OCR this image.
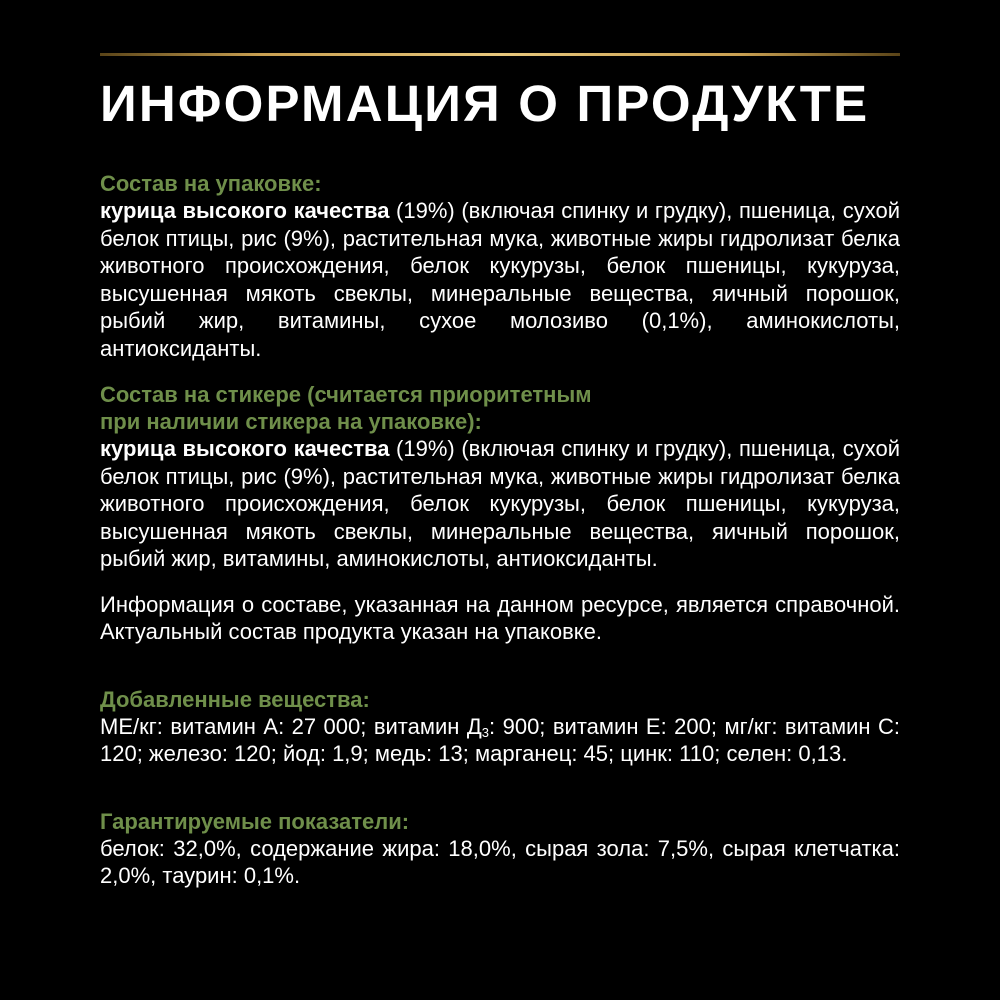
ИНФОРМАЦИЯ О ПРОДУКТЕ

Состав на упаковке:

курица высокого качества (19%) (включая спинку и грудку), пшеница, сухой белок птицы, рис (9%), растительная мука, животные жиры гидролизат белка животного происхождения, белок кукурузы, белок пшеницы, кукуруза, высушенная мякоть свеклы, минеральные вещества, яичный порошок, рыбий жир, витамины, сухое молозиво (0,1%), аминокислоты, антиоксиданты.

Состав на стикере (считается приоритетным
при наличии стикера на упаковке):

курица высокого качества (19%) (включая спинку и грудку), пшеница, сухой белок птицы, рис (9%), растительная мука, животные жиры гидролизат белка животного происхождения, белок кукурузы, белок пшеницы, кукуруза, высушенная мякоть свеклы, минеральные вещества, яичный порошок, рыбий жир, витамины, аминокислоты, антиоксиданты.

Информация о составе, указанная на данном ресурсе, является справочной. Актуальный состав продукта указан на упаковке.

Добавленные вещества:

МЕ/кг: витамин А: 27 000; витамин $Д_3$: 900; витамин Е: 200; мг/кг: витамин С: 120; железо: 120; йод: 1,9; медь: 13; марганец: 45; цинк: 110; селен: 0,13.

Гарантируемые показатели:

белок: 32,0%, содержание жира: 18,0%, сырая зола: 7,5%, сырая клетчатка: 2,0%, таурин: 0,1%.
